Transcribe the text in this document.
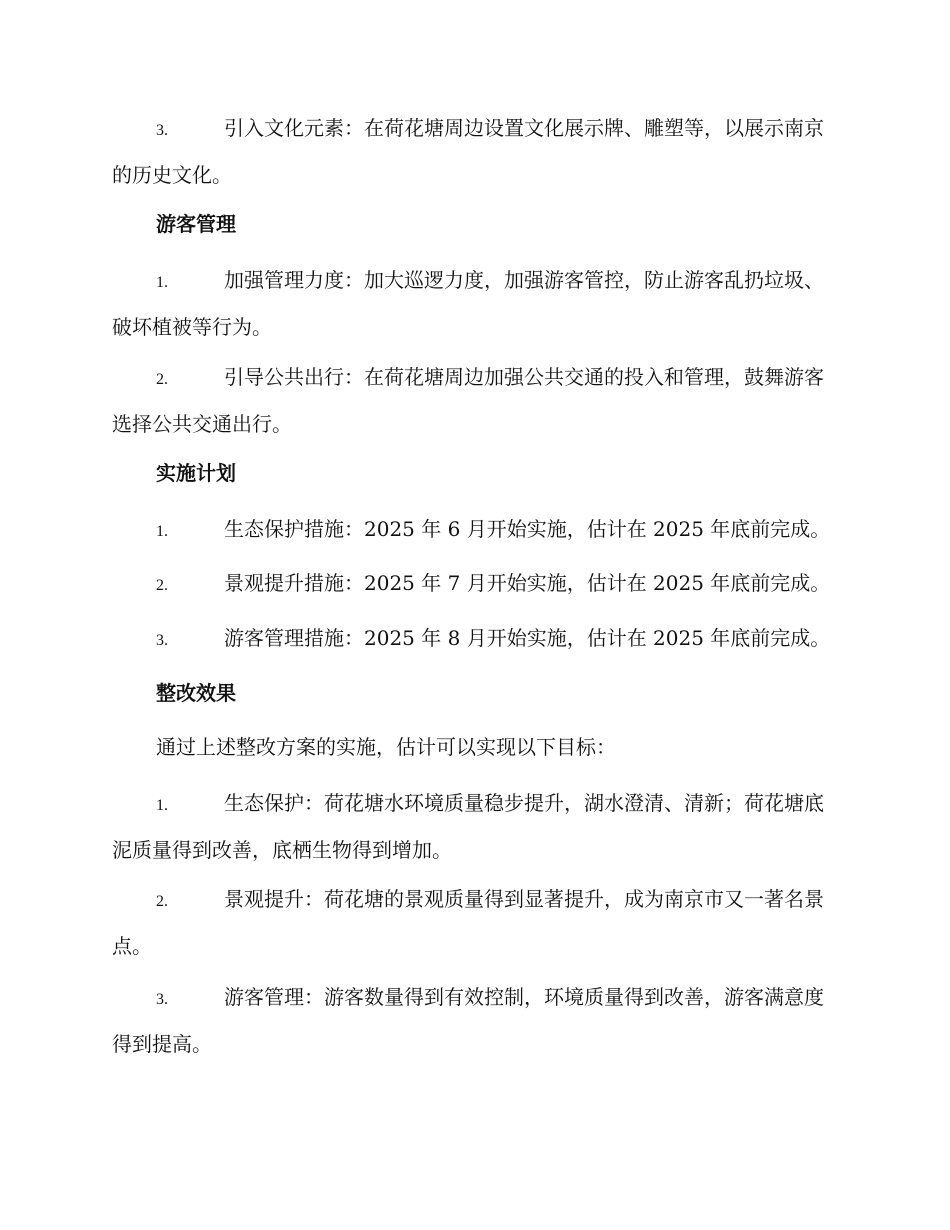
3.	引入文化元素：在荷花塘周边设置文化展示牌、雕塑等，以展示南京的历史文化。
游客管理
1.	加强管理力度：加大巡逻力度，加强游客管控，防止游客乱扔垃圾、破坏植被等行为。
2.	引导公共出行：在荷花塘周边加强公共交通的投入和管理，鼓舞游客选择公共交通出行。
实施计划
1.	生态保护措施：2025 年 6 月开始实施，估计在 2025 年底前完成。
2.	景观提升措施：2025 年 7 月开始实施，估计在 2025 年底前完成。
3.	游客管理措施：2025 年 8 月开始实施，估计在 2025 年底前完成。
整改效果
通过上述整改方案的实施，估计可以实现以下目标：
1.	生态保护：荷花塘水环境质量稳步提升，湖水澄清、清新；荷花塘底泥质量得到改善，底栖生物得到增加。
2.	景观提升：荷花塘的景观质量得到显著提升，成为南京市又一著名景点。
3.	游客管理：游客数量得到有效控制，环境质量得到改善，游客满意度得到提高。
